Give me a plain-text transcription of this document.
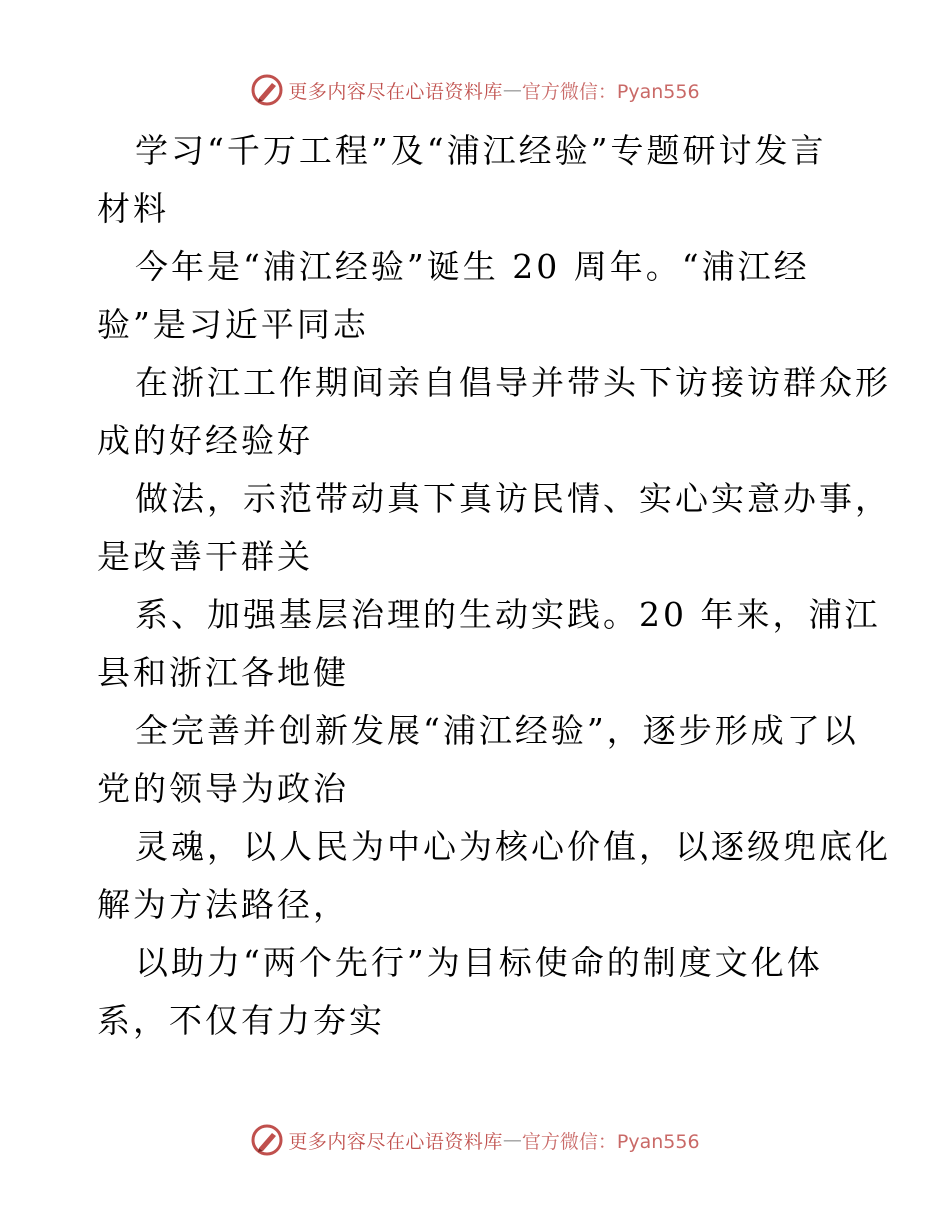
更多内容尽在心语资料库 — 官方微信：Pyan556
学习“千万工程”及“浦江经验”专题研讨发言
材料
今年是“浦江经验”诞生 20 周年。“浦江经
验”是习近平同志
在浙江工作期间亲自倡导并带头下访接访群众形
成的好经验好
做法，示范带动真下真访民情、实心实意办事，
是改善干群关
系、加强基层治理的生动实践。20 年来，浦江
县和浙江各地健
全完善并创新发展“浦江经验”，逐步形成了以
党的领导为政治
灵魂，以人民为中心为核心价值，以逐级兜底化
解为方法路径，
以助力“两个先行”为目标使命的制度文化体
系，不仅有力夯实
更多内容尽在心语资料库 — 官方微信：Pyan556
